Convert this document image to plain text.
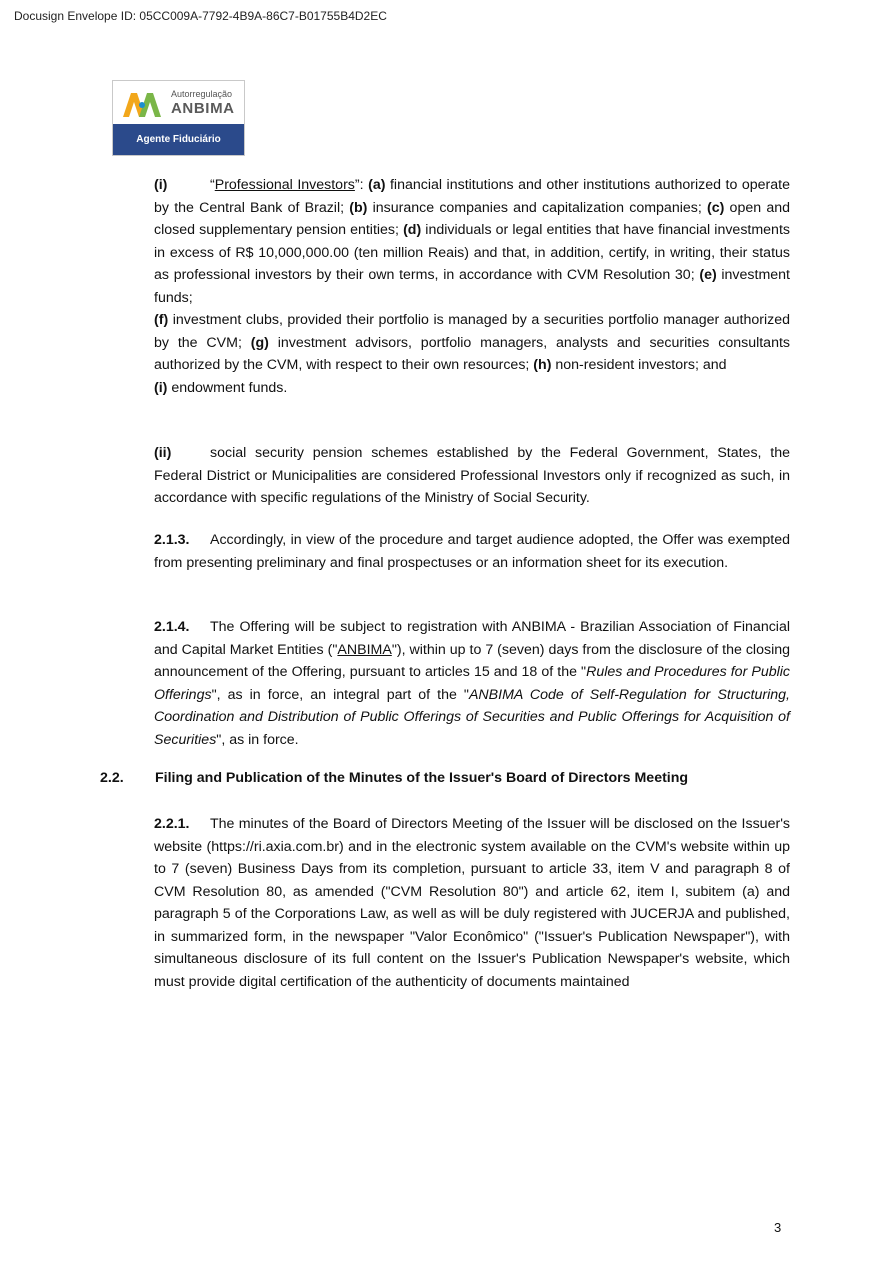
Docusign Envelope ID: 05CC009A-7792-4B9A-86C7-B01755B4D2EC
Autorregulação
ANBIMA
Agente Fiduciário
(i)	“Professional Investors”: (a) financial institutions and other institutions authorized to operate by the Central Bank of Brazil; (b) insurance companies and capitalization companies; (c) open and closed supplementary pension entities; (d) individuals or legal entities that have financial investments in excess of R$ 10,000,000.00 (ten million Reais) and that, in addition, certify, in writing, their status as professional investors by their own terms, in accordance with CVM Resolution 30; (e) investment funds;
(f) investment clubs, provided their portfolio is managed by a securities portfolio manager authorized by the CVM; (g) investment advisors, portfolio managers, analysts and securities consultants authorized by the CVM, with respect to their own resources; (h) non-resident investors; and
(i) endowment funds.
(ii)	social security pension schemes established by the Federal Government, States, the Federal District or Municipalities are considered Professional Investors only if recognized as such, in accordance with specific regulations of the Ministry of Social Security.
2.1.3. Accordingly, in view of the procedure and target audience adopted, the Offer was exempted from presenting preliminary and final prospectuses or an information sheet for its execution.
2.1.4. The Offering will be subject to registration with ANBIMA - Brazilian Association of Financial and Capital Market Entities ("ANBIMA"), within up to 7 (seven) days from the disclosure of the closing announcement of the Offering, pursuant to articles 15 and 18 of the "Rules and Procedures for Public Offerings", as in force, an integral part of the "ANBIMA Code of Self-Regulation for Structuring, Coordination and Distribution of Public Offerings of Securities and Public Offerings for Acquisition of Securities", as in force.
2.2. Filing and Publication of the Minutes of the Issuer's Board of Directors Meeting
2.2.1. The minutes of the Board of Directors Meeting of the Issuer will be disclosed on the Issuer's website (https://ri.axia.com.br) and in the electronic system available on the CVM's website within up to 7 (seven) Business Days from its completion, pursuant to article 33, item V and paragraph 8 of CVM Resolution 80, as amended ("CVM Resolution 80") and article 62, item I, subitem (a) and paragraph 5 of the Corporations Law, as well as will be duly registered with JUCERJA and published, in summarized form, in the newspaper "Valor Econômico" ("Issuer's Publication Newspaper"), with simultaneous disclosure of its full content on the Issuer's Publication Newspaper's website, which must provide digital certification of the authenticity of documents maintained
3
